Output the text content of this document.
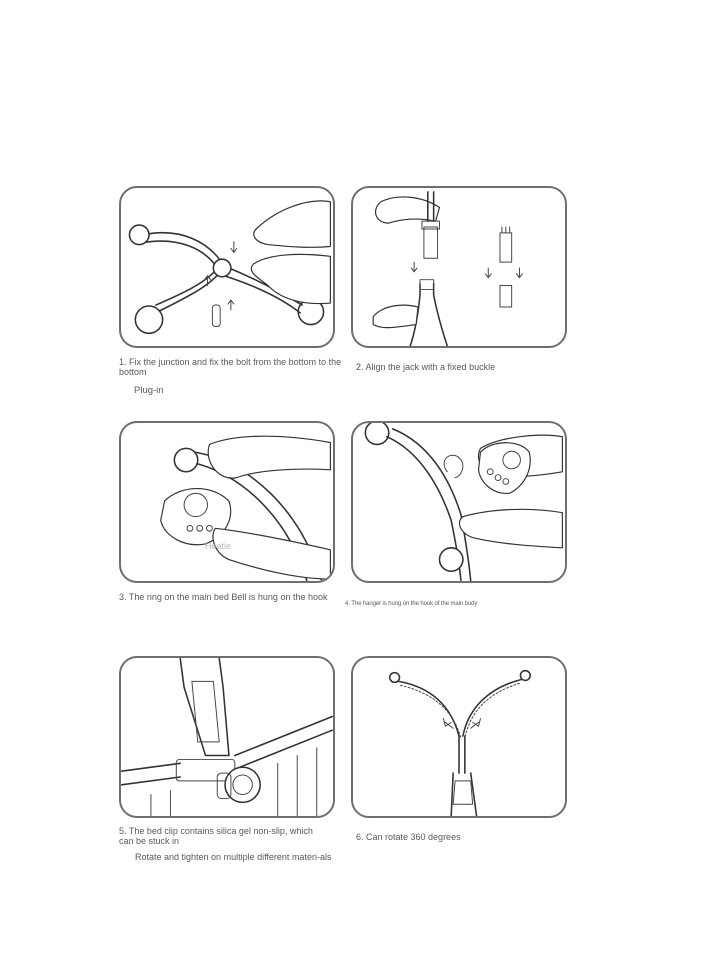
1. Fix the junction and fix the bolt from the bottom to the bottom
Plug-in
2. Align the jack with a fixed buckle
Heatie
3. The ring on the main bed Bell is hung on the hook
4. The hanger is hung on the hook of the main body
5. The bed clip contains silica gel non-slip, which can be stuck in
Rotate and tighten on multiple different materi-als
6. Can rotate 360 degrees
